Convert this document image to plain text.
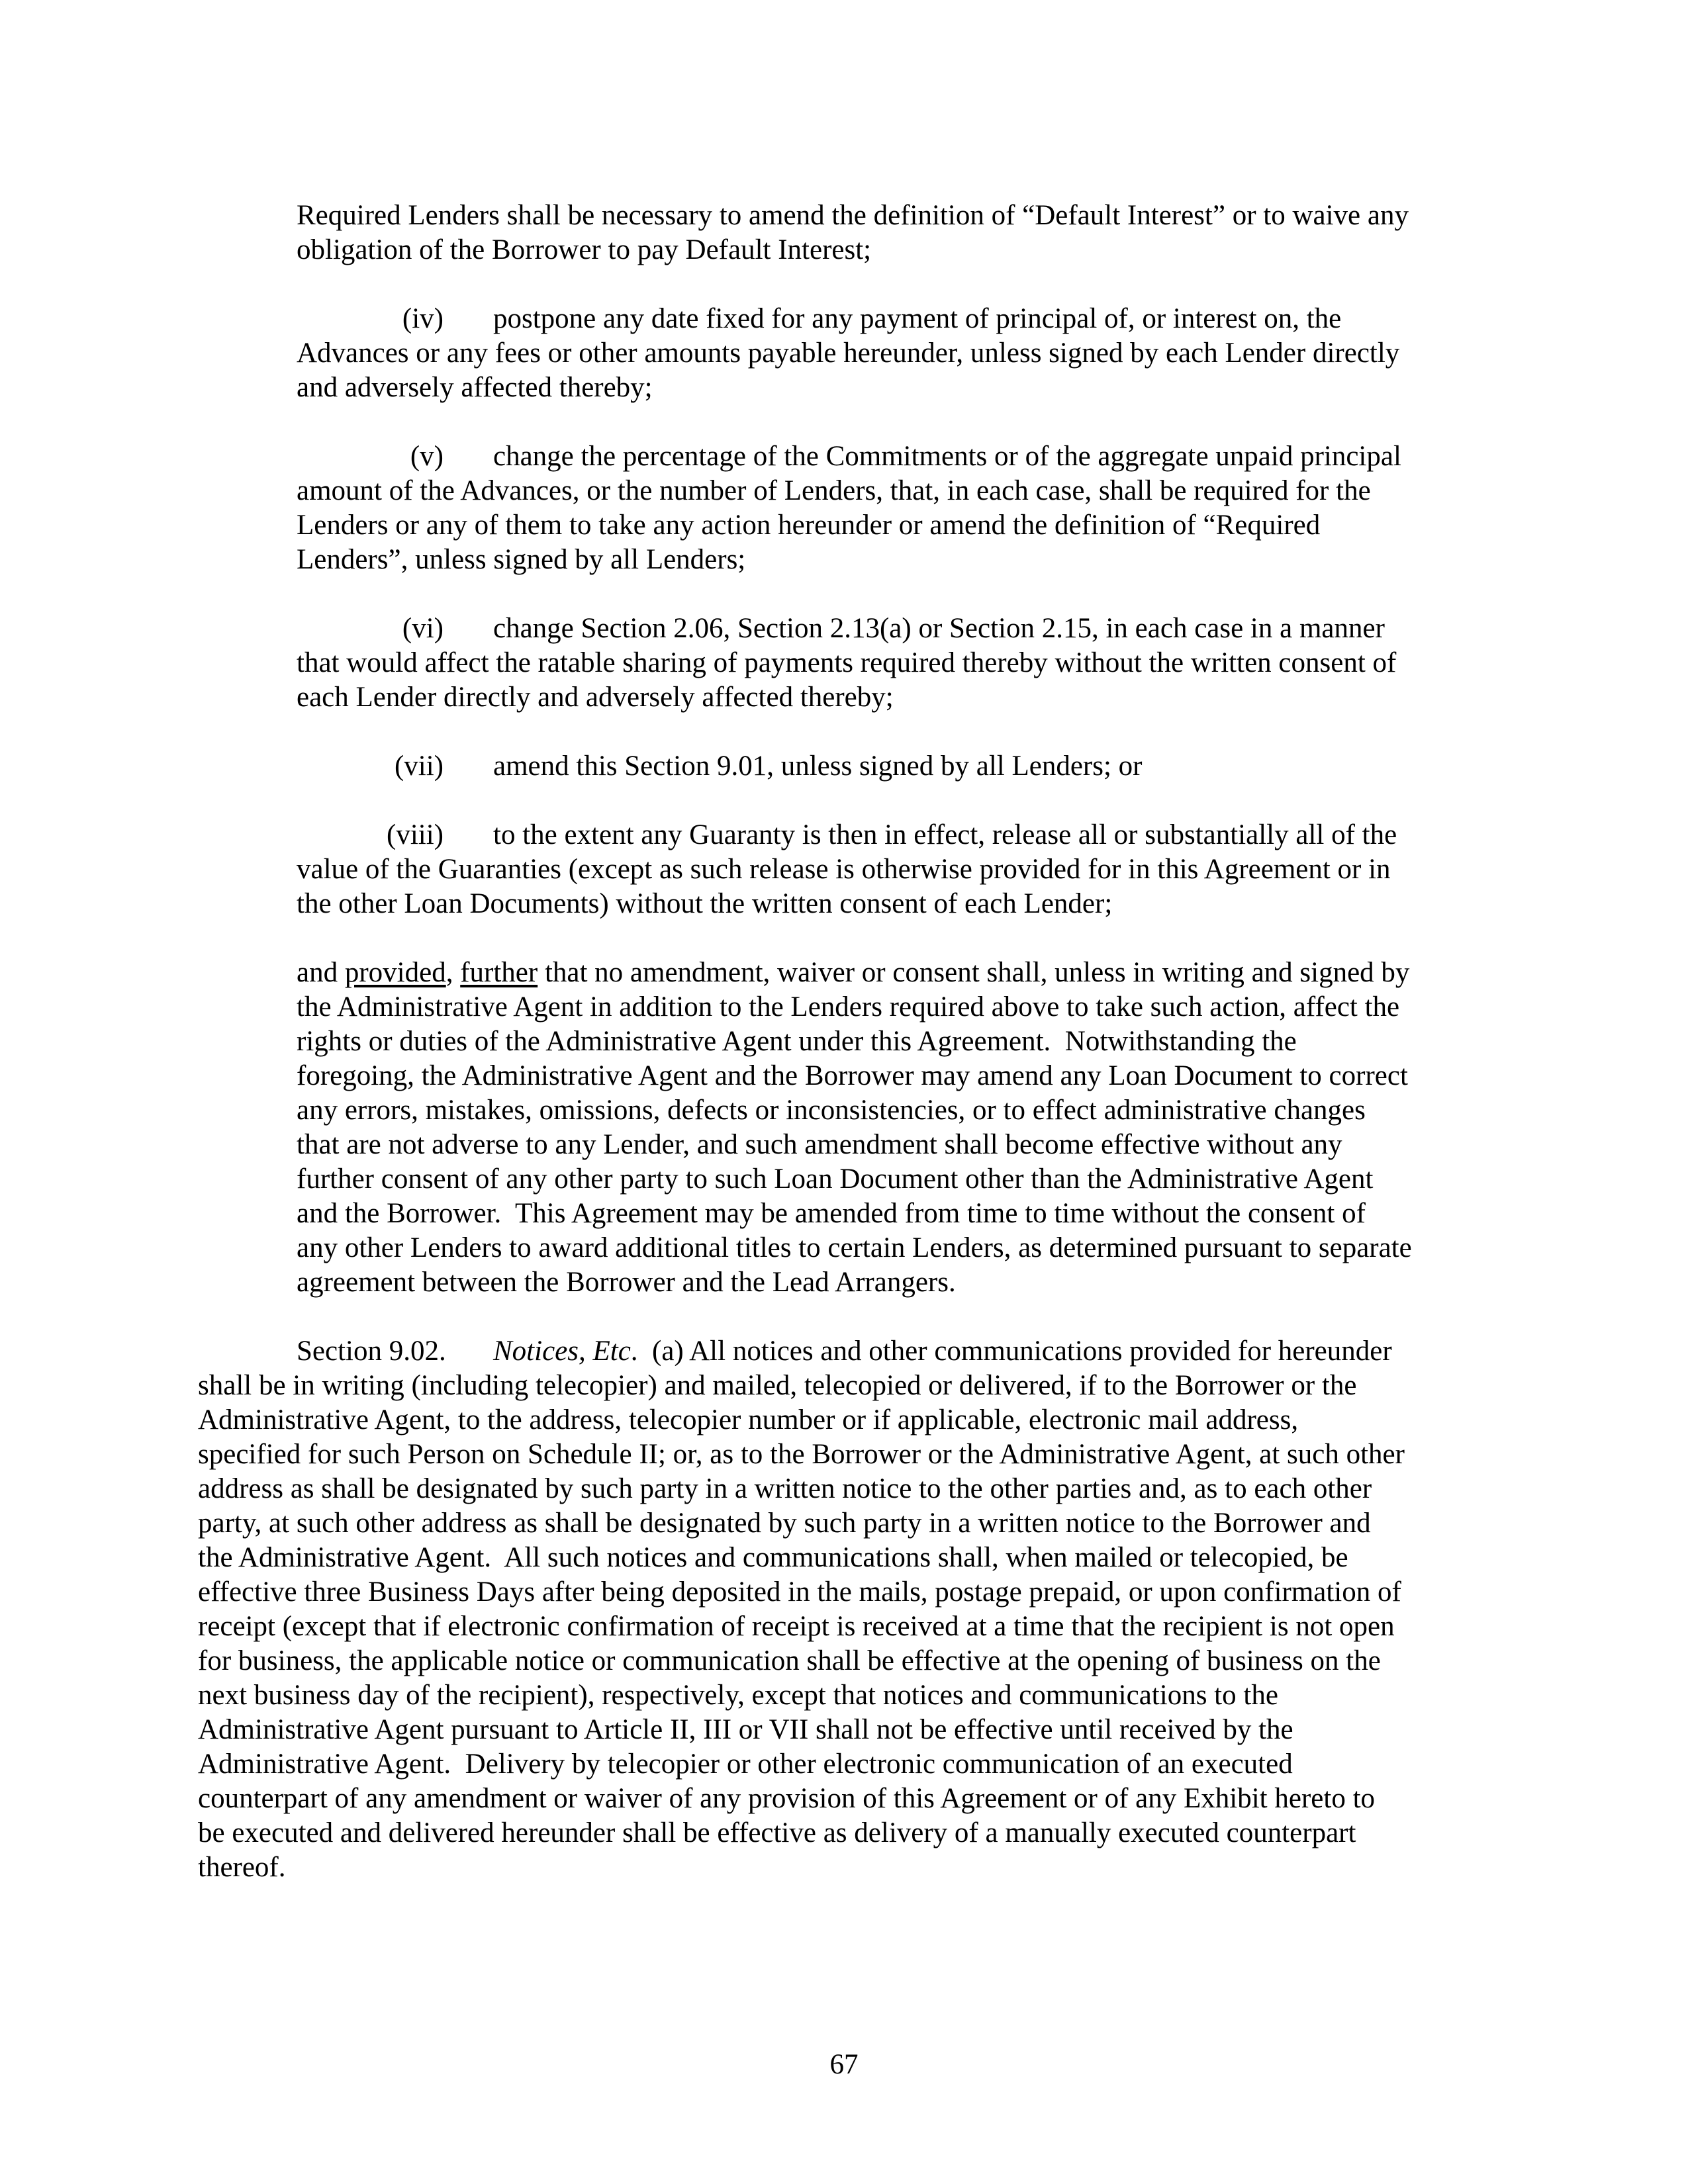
Required Lenders shall be necessary to amend the definition of “Default Interest” or to waive any
obligation of the Borrower to pay Default Interest;
(iv) postpone any date fixed for any payment of principal of, or interest on, the
Advances or any fees or other amounts payable hereunder, unless signed by each Lender directly
and adversely affected thereby;
(v) change the percentage of the Commitments or of the aggregate unpaid principal
amount of the Advances, or the number of Lenders, that, in each case, shall be required for the
Lenders or any of them to take any action hereunder or amend the definition of “Required
Lenders”, unless signed by all Lenders;
(vi) change Section 2.06, Section 2.13(a) or Section 2.15, in each case in a manner
that would affect the ratable sharing of payments required thereby without the written consent of
each Lender directly and adversely affected thereby;
(vii) amend this Section 9.01, unless signed by all Lenders; or
(viii) to the extent any Guaranty is then in effect, release all or substantially all of the
value of the Guaranties (except as such release is otherwise provided for in this Agreement or in
the other Loan Documents) without the written consent of each Lender;
and provided, further that no amendment, waiver or consent shall, unless in writing and signed by
the Administrative Agent in addition to the Lenders required above to take such action, affect the
rights or duties of the Administrative Agent under this Agreement.  Notwithstanding the
foregoing, the Administrative Agent and the Borrower may amend any Loan Document to correct
any errors, mistakes, omissions, defects or inconsistencies, or to effect administrative changes
that are not adverse to any Lender, and such amendment shall become effective without any
further consent of any other party to such Loan Document other than the Administrative Agent
and the Borrower.  This Agreement may be amended from time to time without the consent of
any other Lenders to award additional titles to certain Lenders, as determined pursuant to separate
agreement between the Borrower and the Lead Arrangers.
Section 9.02. Notices, Etc. (a) All notices and other communications provided for hereunder
shall be in writing (including telecopier) and mailed, telecopied or delivered, if to the Borrower or the
Administrative Agent, to the address, telecopier number or if applicable, electronic mail address,
specified for such Person on Schedule II; or, as to the Borrower or the Administrative Agent, at such other
address as shall be designated by such party in a written notice to the other parties and, as to each other
party, at such other address as shall be designated by such party in a written notice to the Borrower and
the Administrative Agent.  All such notices and communications shall, when mailed or telecopied, be
effective three Business Days after being deposited in the mails, postage prepaid, or upon confirmation of
receipt (except that if electronic confirmation of receipt is received at a time that the recipient is not open
for business, the applicable notice or communication shall be effective at the opening of business on the
next business day of the recipient), respectively, except that notices and communications to the
Administrative Agent pursuant to Article II, III or VII shall not be effective until received by the
Administrative Agent.  Delivery by telecopier or other electronic communication of an executed
counterpart of any amendment or waiver of any provision of this Agreement or of any Exhibit hereto to
be executed and delivered hereunder shall be effective as delivery of a manually executed counterpart
thereof.
67
